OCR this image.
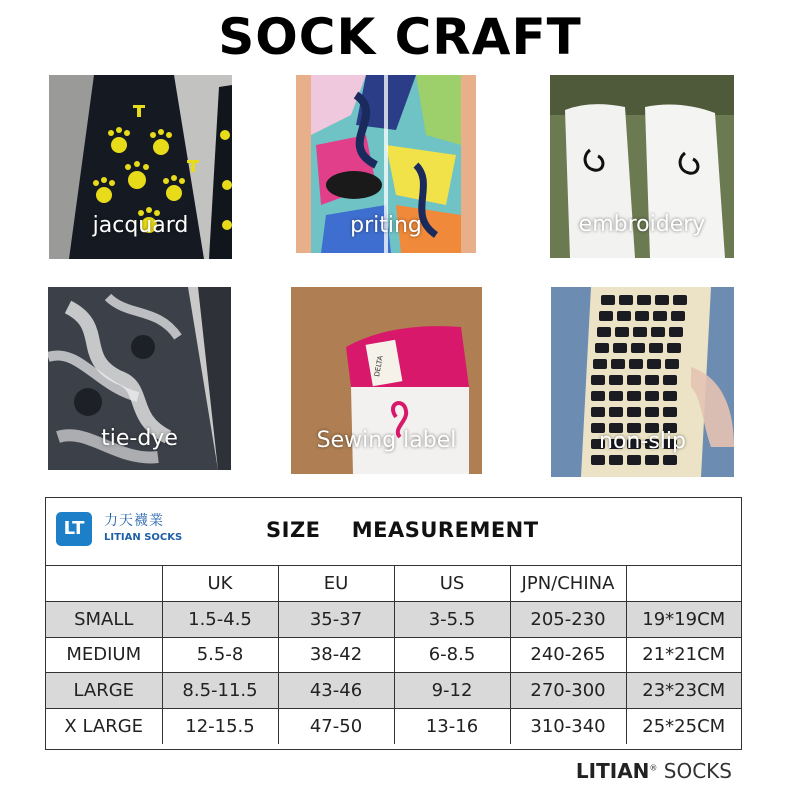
SOCK CRAFT
jacquard	priting	embroidery
tie-dye
DELTA
Sewing label	non-slip
LT	力天襪業
LITIAN SOCKS	SIZE    MEASUREMENT
	UK	EU	US	JPN/CHINA	
SMALL	1.5-4.5	35-37	3-5.5	205-230	19*19CM
MEDIUM	5.5-8	38-42	6-8.5	240-265	21*21CM
LARGE	8.5-11.5	43-46	9-12	270-300	23*23CM
X LARGE	12-15.5	47-50	13-16	310-340	25*25CM
LITIAN® SOCKS
